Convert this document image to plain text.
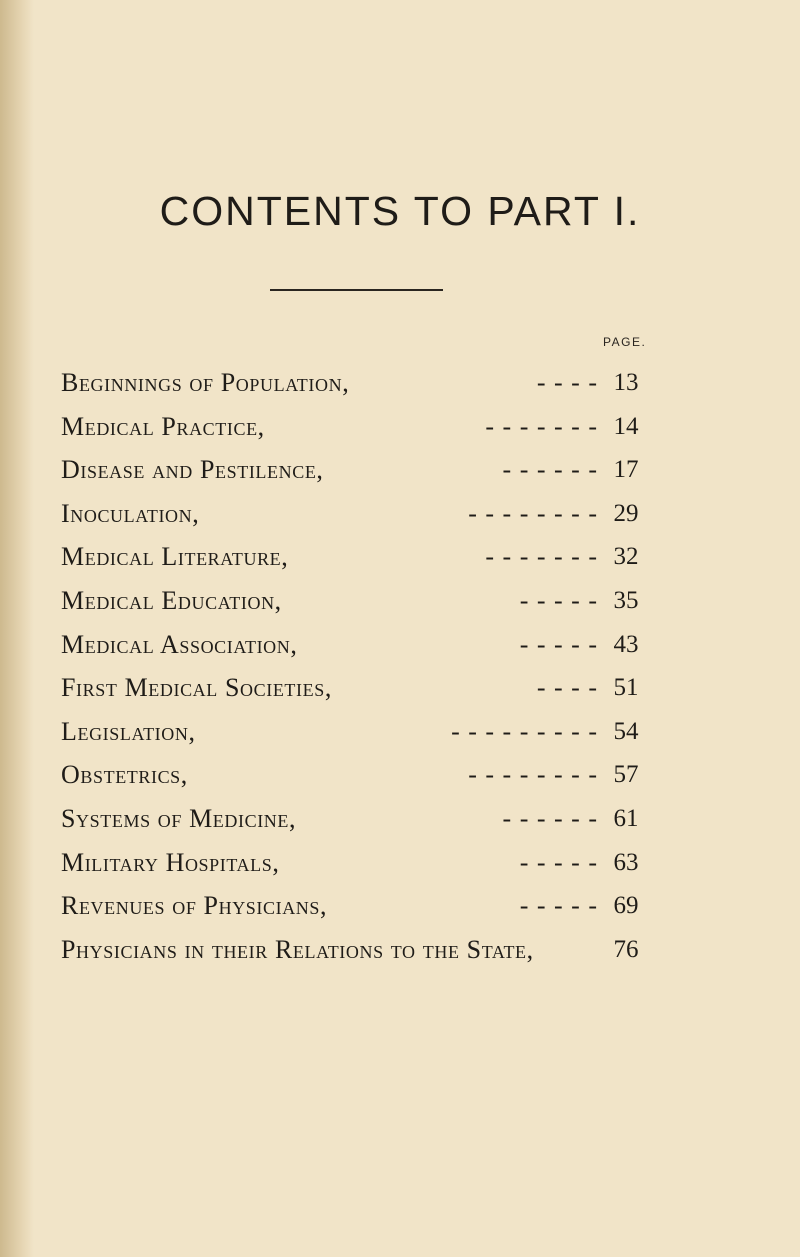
CONTENTS TO PART I.
PAGE.
Beginnings of Population,	- - - - 13
Medical Practice,	- - - - - - - 14
Disease and Pestilence,	- - - - - - 17
Inoculation,	- - - - - - - - 29
Medical Literature,	- - - - - - - 32
Medical Education,	- - - - - 35
Medical Association,	- - - - - 43
First Medical Societies,	- - - - 51
Legislation,	- - - - - - - - - 54
Obstetrics,	- - - - - - - - 57
Systems of Medicine,	- - - - - - 61
Military Hospitals,	- - - - - 63
Revenues of Physicians,	- - - - - 69
Physicians in their Relations to the State,	76
